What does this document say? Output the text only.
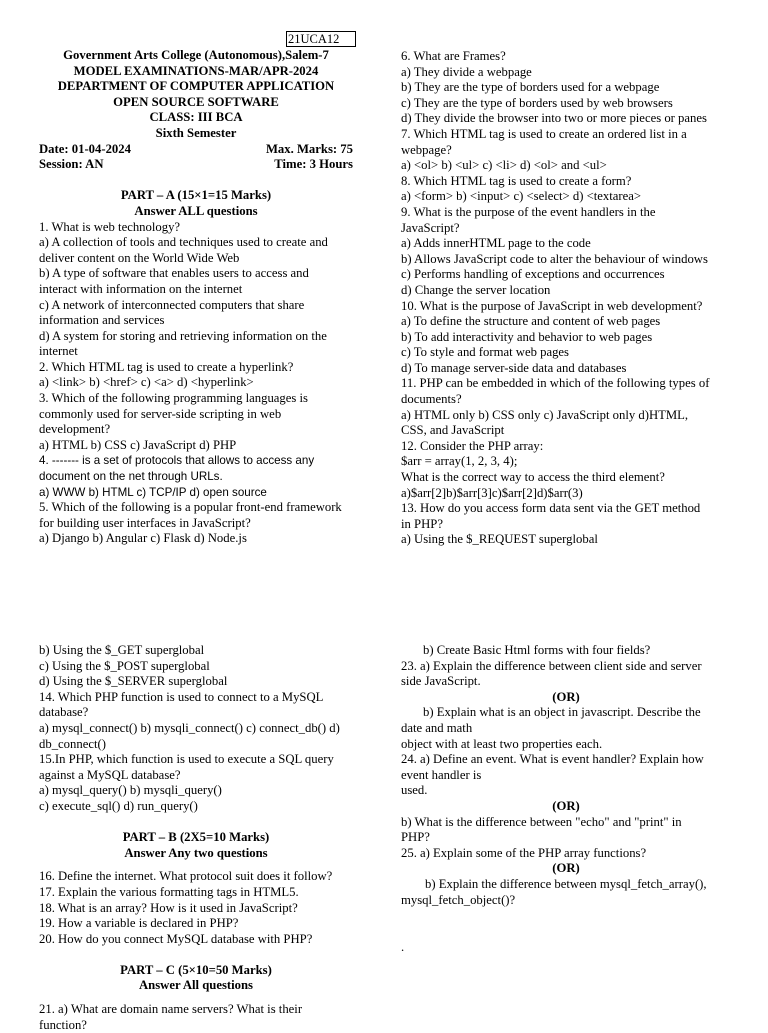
21UCA12
Government Arts College (Autonomous),Salem-7
MODEL EXAMINATIONS-MAR/APR-2024
DEPARTMENT OF COMPUTER APPLICATION
OPEN SOURCE SOFTWARE
CLASS: III BCA
Sixth Semester
Date: 01-04-2024	Max. Marks: 75
Session: AN	Time: 3 Hours
PART – A (15×1=15 Marks)
Answer ALL questions
1. What is web technology?
a) A collection of tools and techniques used to create and
deliver content on the World Wide Web
b) A type of software that enables users to access and
interact with information on the internet
c) A network of interconnected computers that share
information and services
d) A system for storing and retrieving information on the
internet
2. Which HTML tag is used to create a hyperlink?
a) <link> b) <href> c) <a> d) <hyperlink>
3. Which of the following programming languages is
commonly used for server-side scripting in web
development?
a) HTML b) CSS c) JavaScript d) PHP
4. ------- is a set of protocols that allows to access any
document on the net through URLs.
a) WWW b) HTML c) TCP/IP d) open source
5. Which of the following is a popular front-end framework
for building user interfaces in JavaScript?
a) Django b) Angular c) Flask d) Node.js
6. What are Frames?
a) They divide a webpage
b) They are the type of borders used for a webpage
c) They are the type of borders used by web browsers
d) They divide the browser into two or more pieces or panes
7. Which HTML tag is used to create an ordered list in a
webpage?
a) <ol> b) <ul> c) <li> d) <ol> and <ul>
8. Which HTML tag is used to create a form?
a) <form> b) <input> c) <select> d) <textarea>
9. What is the purpose of the event handlers in the
JavaScript?
a) Adds innerHTML page to the code
b) Allows JavaScript code to alter the behaviour of windows
c) Performs handling of exceptions and occurrences
d) Change the server location
10. What is the purpose of JavaScript in web development?
a) To define the structure and content of web pages
b) To add interactivity and behavior to web pages
c) To style and format web pages
d) To manage server-side data and databases
11. PHP can be embedded in which of the following types of
documents?
a) HTML only b) CSS only c) JavaScript only d)HTML,
CSS, and JavaScript
12. Consider the PHP array:
$arr = array(1, 2, 3, 4);
What is the correct way to access the third element?
a)$arr[2]b)$arr[3]c)$arr[2]d)$arr(3)
13. How do you access form data sent via the GET method
in PHP?
a) Using the $_REQUEST superglobal
b) Using the $_GET superglobal
c) Using the $_POST superglobal
d) Using the $_SERVER superglobal
14. Which PHP function is used to connect to a MySQL
database?
a) mysql_connect() b) mysqli_connect() c) connect_db() d)
db_connect()
15.In PHP, which function is used to execute a SQL query
against a MySQL database?
a) mysql_query() b) mysqli_query()
c) execute_sql() d) run_query()
PART – B (2X5=10 Marks)
Answer Any two questions
16. Define the internet. What protocol suit does it follow?
17. Explain the various formatting tags in HTML5.
18. What is an array? How is it used in JavaScript?
19. How a variable is declared in PHP?
20. How do you connect MySQL database with PHP?
PART – C (5×10=50 Marks)
Answer All questions
21. a) What are domain name servers? What is their
function?
b) Create Basic Html forms with four fields?
23. a) Explain the difference between client side and server
side JavaScript.
(OR)
b) Explain what is an object in javascript. Describe the
date and math
object with at least two properties each.
24. a) Define an event. What is event handler? Explain how
event handler is
used.
(OR)
b) What is the difference between "echo" and "print" in
PHP?
25. a) Explain some of the PHP array functions?
(OR)
b) Explain the difference between mysql_fetch_array(),
mysql_fetch_object()?
.
